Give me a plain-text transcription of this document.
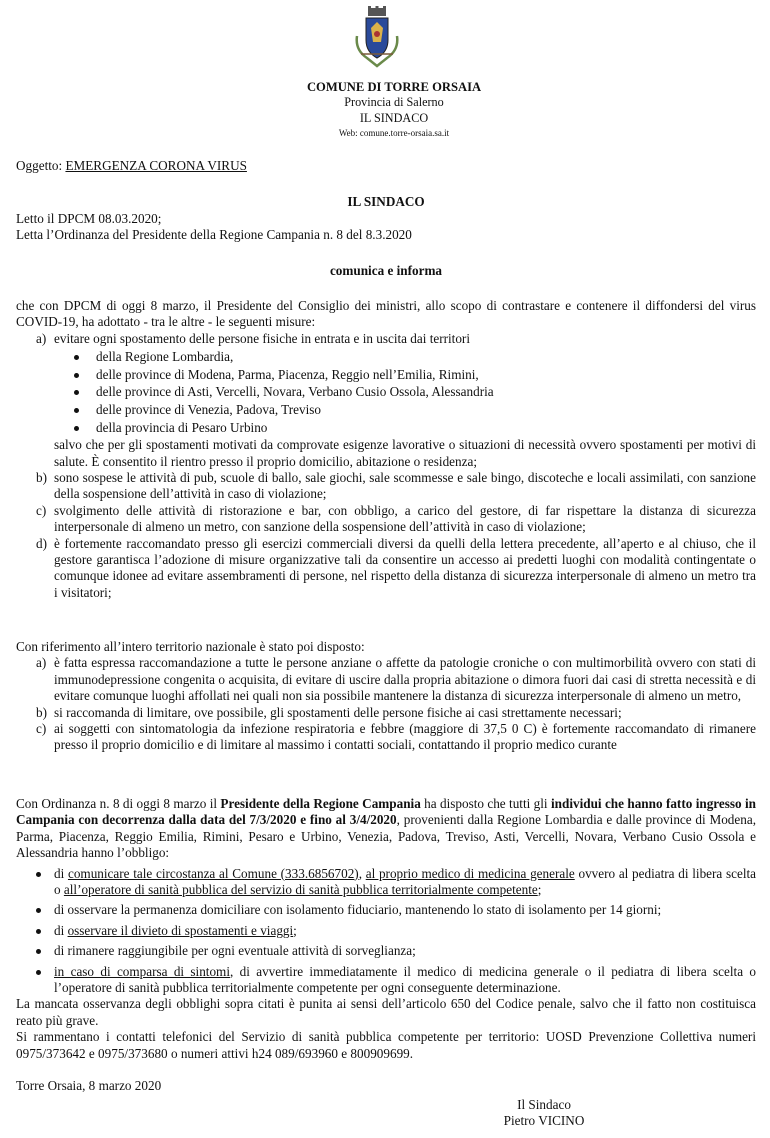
COMUNE DI TORRE ORSAIA
Provincia di Salerno
IL SINDACO
Web: comune.torre-orsaia.sa.it
Oggetto: EMERGENZA CORONA VIRUS
IL SINDACO
Letto il DPCM 08.03.2020;
Letta l’Ordinanza del Presidente della Regione Campania n. 8 del 8.3.2020
comunica e informa
che con DPCM di oggi 8 marzo, il Presidente del Consiglio dei ministri, allo scopo di contrastare e contenere il diffondersi del virus COVID-19, ha adottato - tra le altre - le seguenti misure:
a) evitare ogni spostamento delle persone fisiche in entrata e in uscita dai territori
della Regione Lombardia,
delle province di Modena, Parma, Piacenza, Reggio nell’Emilia, Rimini,
delle province di Asti, Vercelli, Novara, Verbano Cusio Ossola, Alessandria
delle province di Venezia, Padova, Treviso
della provincia di Pesaro Urbino
salvo che per gli spostamenti motivati da comprovate esigenze lavorative o situazioni di necessità ovvero spostamenti per motivi di salute. È consentito il rientro presso il proprio domicilio, abitazione o residenza;
b) sono sospese le attività di pub, scuole di ballo, sale giochi, sale scommesse e sale bingo, discoteche e locali assimilati, con sanzione della sospensione dell’attività in caso di violazione;
c) svolgimento delle attività di ristorazione e bar, con obbligo, a carico del gestore, di far rispettare la distanza di sicurezza interpersonale di almeno un metro, con sanzione della sospensione dell’attività in caso di violazione;
d) è fortemente raccomandato presso gli esercizi commerciali diversi da quelli della lettera precedente, all’aperto e al chiuso, che il gestore garantisca l’adozione di misure organizzative tali da consentire un accesso ai predetti luoghi con modalità contingentate o comunque idonee ad evitare assembramenti di persone, nel rispetto della distanza di sicurezza interpersonale di almeno un metro tra i visitatori;
Con riferimento all’intero territorio nazionale è stato poi disposto:
a) è fatta espressa raccomandazione a tutte le persone anziane o affette da patologie croniche o con multimorbilità ovvero con stati di immunodepressione congenita o acquisita, di evitare di uscire dalla propria abitazione o dimora fuori dai casi di stretta necessità e di evitare comunque luoghi affollati nei quali non sia possibile mantenere la distanza di sicurezza interpersonale di almeno un metro,
b) si raccomanda di limitare, ove possibile, gli spostamenti delle persone fisiche ai casi strettamente necessari;
c) ai soggetti con sintomatologia da infezione respiratoria e febbre (maggiore di 37,5 0 C) è fortemente raccomandato di rimanere presso il proprio domicilio e di limitare al massimo i contatti sociali, contattando il proprio medico curante
Con Ordinanza n. 8 di oggi 8 marzo il Presidente della Regione Campania ha disposto che tutti gli individui che hanno fatto ingresso in Campania con decorrenza dalla data del 7/3/2020 e fino al 3/4/2020, provenienti dalla Regione Lombardia e dalle province di Modena, Parma, Piacenza, Reggio Emilia, Rimini, Pesaro e Urbino, Venezia, Padova, Treviso, Asti, Vercelli, Novara, Verbano Cusio Ossola e Alessandria hanno l’obbligo:
di comunicare tale circostanza al Comune (333.6856702), al proprio medico di medicina generale ovvero al pediatra di libera scelta o all’operatore di sanità pubblica del servizio di sanità pubblica territorialmente competente;
di osservare la permanenza domiciliare con isolamento fiduciario, mantenendo lo stato di isolamento per 14 giorni;
di osservare il divieto di spostamenti e viaggi;
di rimanere raggiungibile per ogni eventuale attività di sorveglianza;
in caso di comparsa di sintomi, di avvertire immediatamente il medico di medicina generale o il pediatra di libera scelta o l’operatore di sanità pubblica territorialmente competente per ogni conseguente determinazione.
La mancata osservanza degli obblighi sopra citati è punita ai sensi dell’articolo 650 del Codice penale, salvo che il fatto non costituisca reato più grave.
Si rammentano i contatti telefonici del Servizio di sanità pubblica competente per territorio: UOSD Prevenzione Collettiva numeri 0975/373642 e 0975/373680 o numeri attivi h24 089/693960 e 800909699.
Torre Orsaia, 8 marzo 2020
Il Sindaco
Pietro VICINO
